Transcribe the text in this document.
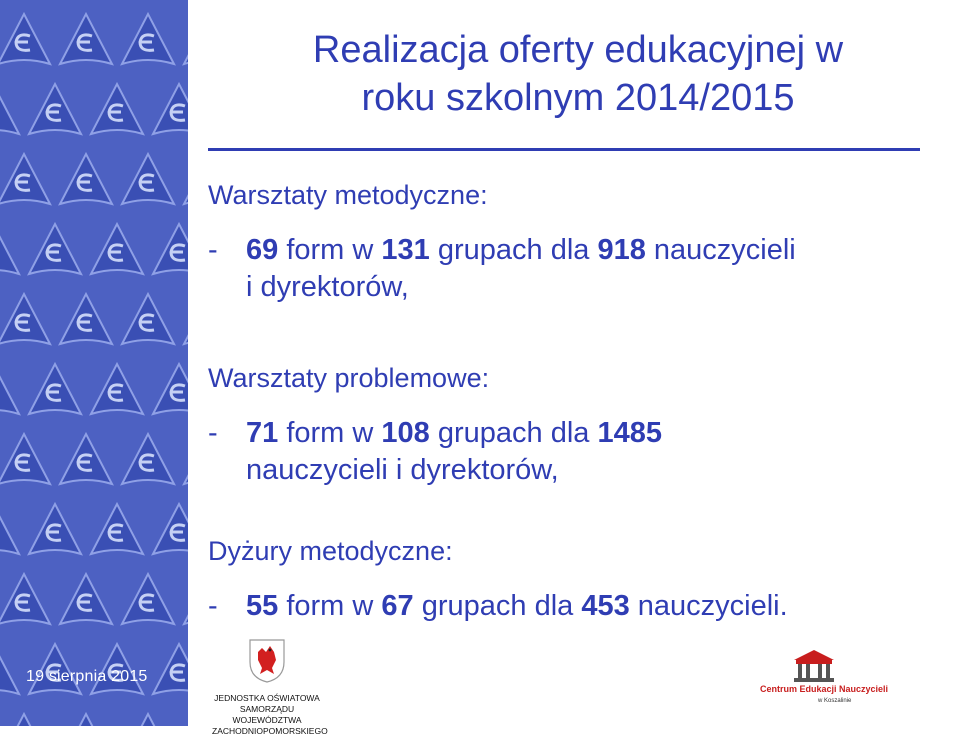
19 sierpnia 2015
Realizacja oferty edukacyjnej w
roku szkolnym 2014/2015
Warsztaty metodyczne:
- 69 form w 131 grupach dla 918 nauczycieli
i dyrektorów,
Warsztaty problemowe:
- 71 form w 108 grupach dla 1485
nauczycieli i dyrektorów,
Dyżury metodyczne:
- 55 form w 67 grupach dla 453 nauczycieli.
JEDNOSTKA OŚWIATOWA
SAMORZĄDU WOJEWÓDZTWA
ZACHODNIOPOMORSKIEGO
Centrum Edukacji Nauczycieli
w Koszalinie
